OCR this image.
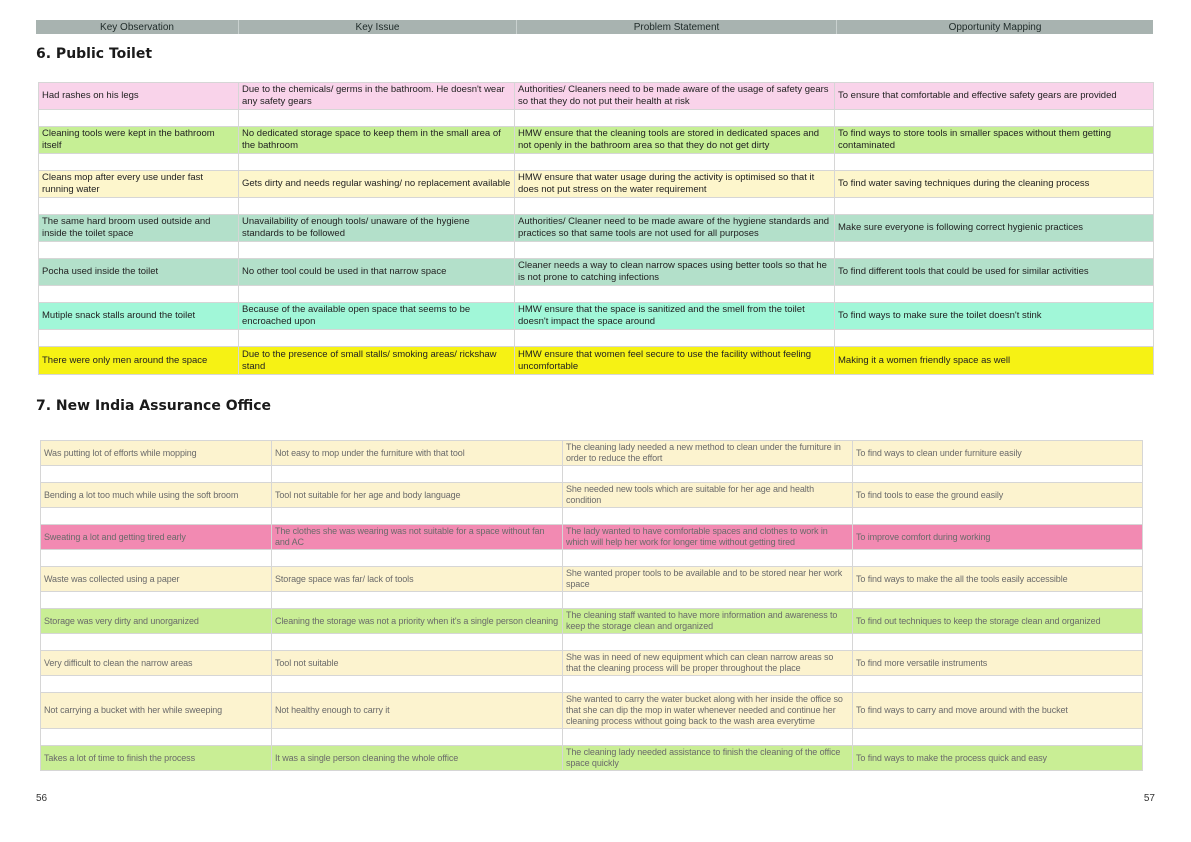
Key Observation	Key Issue	Problem Statement	Opportunity Mapping
6. Public Toilet
Had rashes on his legs	Due to the chemicals/ germs in the bathroom. He doesn't wear any safety gears	Authorities/ Cleaners need to be made aware of the usage of safety gears so that they do not put their health at risk	To ensure that comfortable and effective safety gears are provided

Cleaning tools were kept in the bathroom itself	No dedicated storage space to keep them in the small area of the bathroom	HMW ensure that the cleaning tools are stored in dedicated spaces and not openly in the bathroom area so that they do not get dirty	To find ways to store tools in smaller spaces without them getting contaminated

Cleans mop after every use under fast running water	Gets dirty and needs regular washing/ no replacement available	HMW ensure that water usage during the activity is optimised so that it does not put stress on the water requirement	To find water saving techniques during the cleaning process

The same hard broom used outside and inside the toilet space	Unavailability of enough tools/ unaware of the hygiene standards to be followed	Authorities/ Cleaner need to be made aware of the hygiene standards and practices so that same tools are not used for all purposes	Make sure everyone is following correct hygienic practices

Pocha used inside the toilet	No other tool could be used in that narrow space	Cleaner needs a way to clean narrow spaces using better tools so that he is not prone to catching infections	To find different tools that could be used for similar activities

Mutiple snack stalls around the toilet	Because of the available open space that seems to be encroached upon	HMW ensure that the space is sanitized and the smell from the toilet doesn't impact the space around	To find ways to make sure the toilet doesn't stink

There were only men around the space	Due to the presence of small stalls/ smoking areas/ rickshaw stand	HMW ensure that women feel secure to use the facility without feeling uncomfortable	Making it a women friendly space as well
7. New India Assurance Office
Was putting lot of efforts while mopping	Not easy to mop under the furniture with that tool	The cleaning lady needed a new method to clean under the furniture in order to reduce the effort	To find ways to clean under furniture easily

Bending a lot too much while using the soft broom	Tool not suitable for her age and body language	She needed new tools which are suitable for her age and health condition	To find tools to ease the ground easily

Sweating a lot and getting tired early	The clothes she was wearing was not suitable for a space without fan and AC	The lady wanted to have comfortable spaces and clothes to work in which will help her work for longer time without getting tired	To improve comfort during working

Waste was collected using a paper	Storage space was far/ lack of tools	She wanted proper tools to be available and to be stored near her work space	To find ways to make the all the tools easily accessible

Storage was very dirty and unorganized	Cleaning the storage was not a priority when it's a single person cleaning	The cleaning staff wanted to have more information and awareness to keep the storage clean and organized	To find out techniques to keep the storage clean and organized

Very difficult to clean the narrow areas	Tool not suitable	She was in need of new equipment which can clean narrow areas so that the cleaning process will be proper throughout the place	To find more versatile instruments

Not carrying a bucket with her while sweeping	Not healthy enough to carry it	She wanted to carry the water bucket along with her inside the office so that she can dip the mop in water whenever needed and continue her cleaning process without going back to the wash area everytime	To find ways to carry and move around with the bucket

Takes a lot of time to finish the process	It was a single person cleaning the whole office	The cleaning lady needed assistance to finish the cleaning of the office space quickly	To find ways to make the process quick and easy
56	57
